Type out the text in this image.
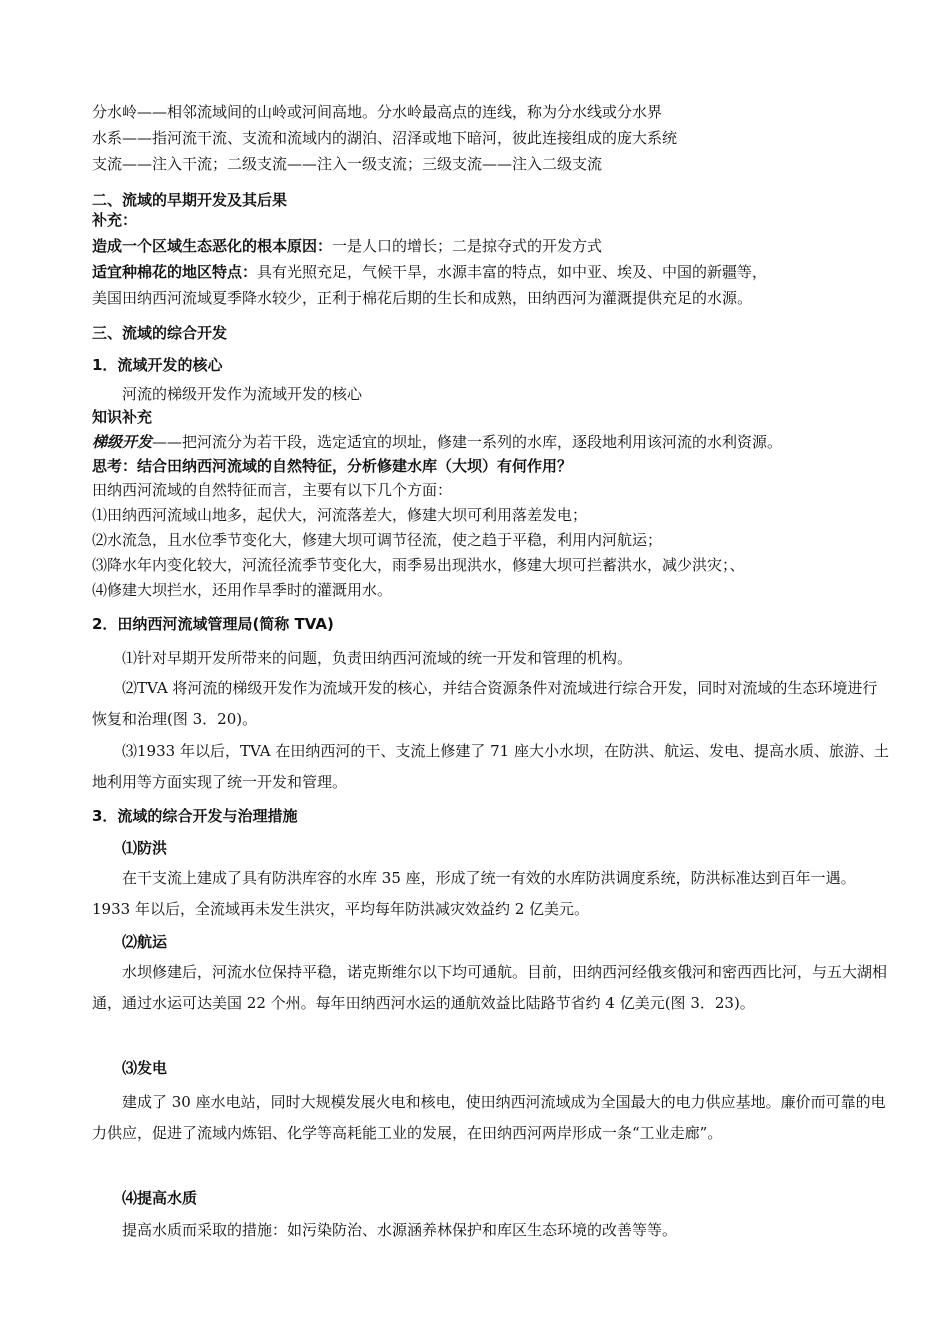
分水岭——相邻流域间的山岭或河间高地。分水岭最高点的连线，称为分水线或分水界
水系——指河流干流、支流和流域内的湖泊、沼泽或地下暗河，彼此连接组成的庞大系统
支流——注入干流；二级支流——注入一级支流；三级支流——注入二级支流
二、流域的早期开发及其后果
补充：
造成一个区域生态恶化的根本原因：一是人口的增长；二是掠夺式的开发方式
适宜种棉花的地区特点：具有光照充足，气候干旱，水源丰富的特点，如中亚、埃及、中国的新疆等，
美国田纳西河流域夏季降水较少，正利于棉花后期的生长和成熟，田纳西河为灌溉提供充足的水源。
三、流域的综合开发
1．流域开发的核心
河流的梯级开发作为流域开发的核心
知识补充
梯级开发——把河流分为若干段，选定适宜的坝址，修建一系列的水库，逐段地利用该河流的水利资源。
思考：结合田纳西河流域的自然特征，分析修建水库（大坝）有何作用？
田纳西河流域的自然特征而言，主要有以下几个方面：
⑴田纳西河流域山地多，起伏大，河流落差大，修建大坝可利用落差发电；
⑵水流急，且水位季节变化大，修建大坝可调节径流，使之趋于平稳，利用内河航运；
⑶降水年内变化较大，河流径流季节变化大，雨季易出现洪水，修建大坝可拦蓄洪水，减少洪灾；、
⑷修建大坝拦水，还用作旱季时的灌溉用水。
2．田纳西河流域管理局(简称 TVA)
⑴针对早期开发所带来的问题，负责田纳西河流域的统一开发和管理的机构。
⑵TVA 将河流的梯级开发作为流域开发的核心，并结合资源条件对流域进行综合开发，同时对流域的生态环境进行恢复和治理(图 3．20)。
⑶1933 年以后，TVA 在田纳西河的干、支流上修建了 71 座大小水坝，在防洪、航运、发电、提高水质、旅游、土地利用等方面实现了统一开发和管理。
3．流域的综合开发与治理措施
⑴防洪
在干支流上建成了具有防洪库容的水库 35 座，形成了统一有效的水库防洪调度系统，防洪标准达到百年一遇。1933 年以后，全流域再未发生洪灾，平均每年防洪减灾效益约 2 亿美元。
⑵航运
水坝修建后，河流水位保持平稳，诺克斯维尔以下均可通航。目前，田纳西河经俄亥俄河和密西西比河，与五大湖相通，通过水运可达美国 22 个州。每年田纳西河水运的通航效益比陆路节省约 4 亿美元(图 3．23)。
⑶发电
建成了 30 座水电站，同时大规模发展火电和核电，使田纳西河流域成为全国最大的电力供应基地。廉价而可靠的电力供应，促进了流域内炼铝、化学等高耗能工业的发展，在田纳西河两岸形成一条“工业走廊”。
⑷提高水质
提高水质而采取的措施：如污染防治、水源涵养林保护和库区生态环境的改善等等。
